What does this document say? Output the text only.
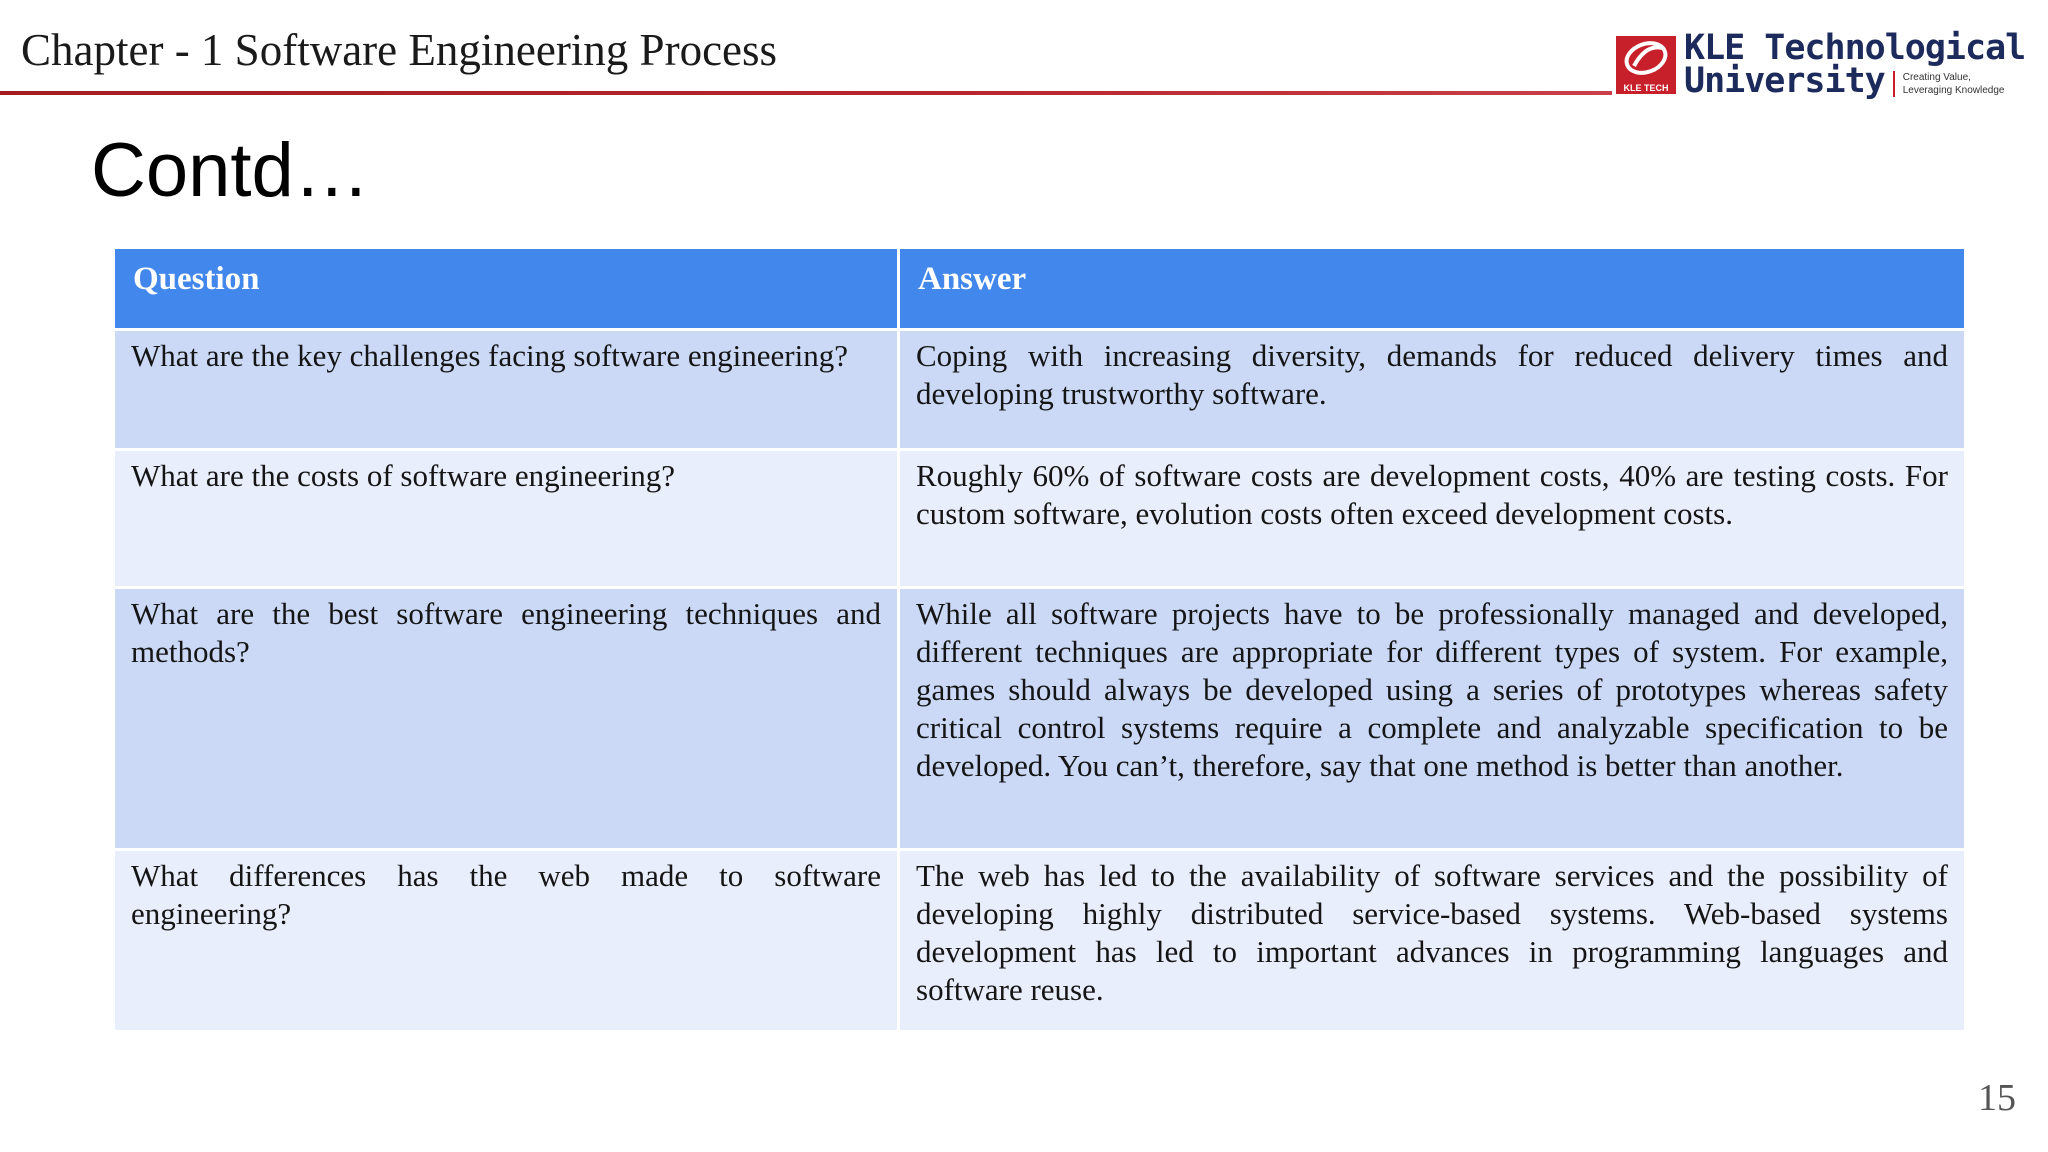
Chapter - 1 Software Engineering Process
KLE TECH
KLE Technological
University Creating Value,
Leveraging Knowledge
Contd…
Question	Answer
What are the key challenges facing software engineering?	Coping with increasing diversity, demands for reduced delivery times and developing trustworthy software.
What are the costs of software engineering?	Roughly 60% of software costs are development costs, 40% are testing costs. For custom software, evolution costs often exceed development costs.
What are the best software engineering techniques and methods?	While all software projects have to be professionally managed and developed, different techniques are appropriate for different types of system. For example, games should always be developed using a series of prototypes whereas safety critical control systems require a complete and analyzable specification to be developed. You can’t, therefore, say that one method is better than another.
What differences has the web made to software engineering?	The web has led to the availability of software services and the possibility of developing highly distributed service-based systems. Web-based systems development has led to important advances in programming languages and software reuse.
15
